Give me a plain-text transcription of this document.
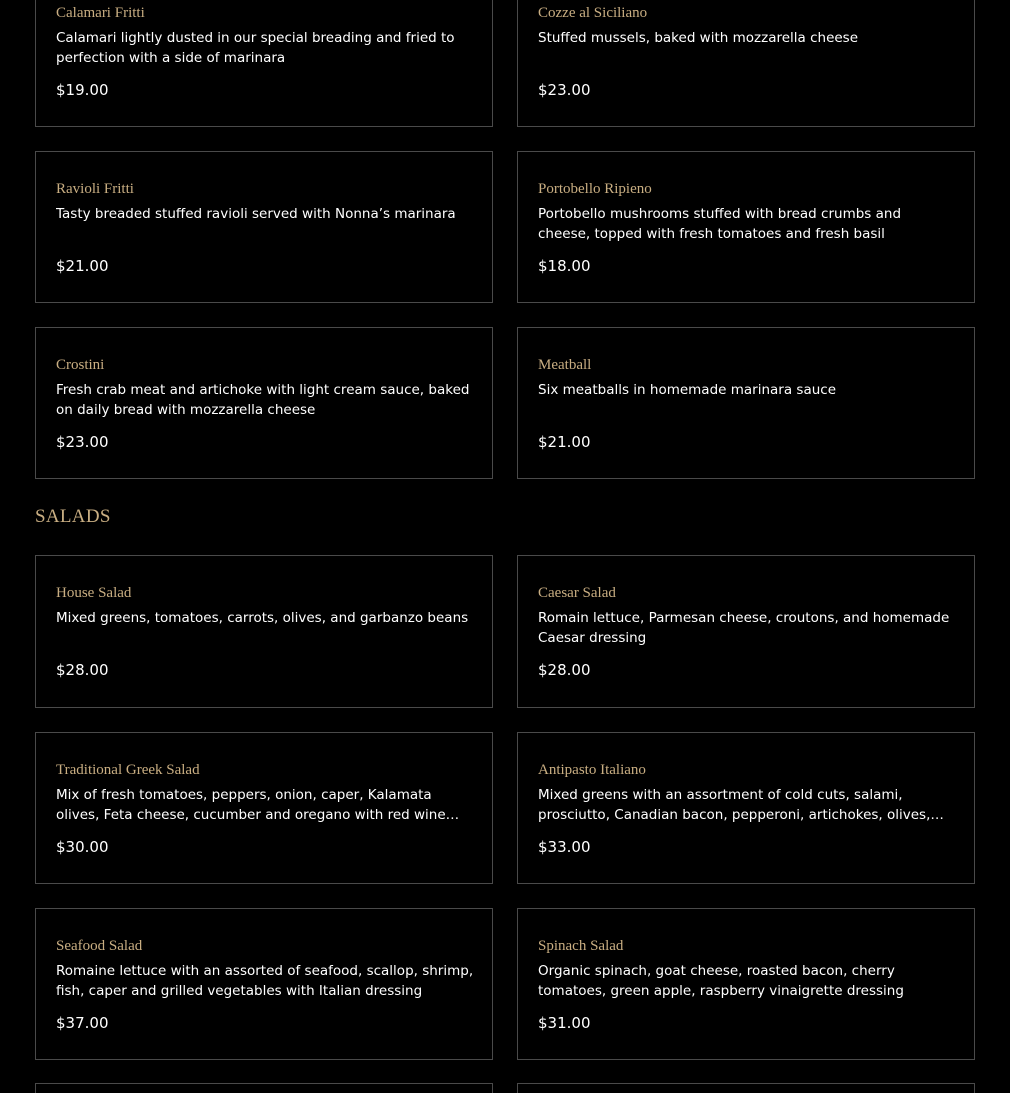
Calamari Fritti

Calamari lightly dusted in our special breading and fried to perfection with a side of marinara

$19.00

Cozze al Siciliano

Stuffed mussels, baked with mozzarella cheese

$23.00

Ravioli Fritti

Tasty breaded stuffed ravioli served with Nonna’s marinara

$21.00

Portobello Ripieno

Portobello mushrooms stuffed with bread crumbs and cheese, topped with fresh tomatoes and fresh basil

$18.00

Crostini

Fresh crab meat and artichoke with light cream sauce, baked on daily bread with mozzarella cheese

$23.00

Meatball

Six meatballs in homemade marinara sauce

$21.00

SALADS

House Salad

Mixed greens, tomatoes, carrots, olives, and garbanzo beans

$28.00

Caesar Salad

Romain lettuce, Parmesan cheese, croutons, and homemade Caesar dressing

$28.00

Traditional Greek Salad

Mix of fresh tomatoes, peppers, onion, caper, Kalamata olives, Feta cheese, cucumber and oregano with red wine

$30.00

Antipasto Italiano

Mixed greens with an assortment of cold cuts, salami, prosciutto, Canadian bacon, pepperoni, artichokes, olives,

$33.00

Seafood Salad

Romaine lettuce with an assorted of seafood, scallop, shrimp, fish, caper and grilled vegetables with Italian dressing

$37.00

Spinach Salad

Organic spinach, goat cheese, roasted bacon, cherry tomatoes, green apple, raspberry vinaigrette dressing

$31.00
